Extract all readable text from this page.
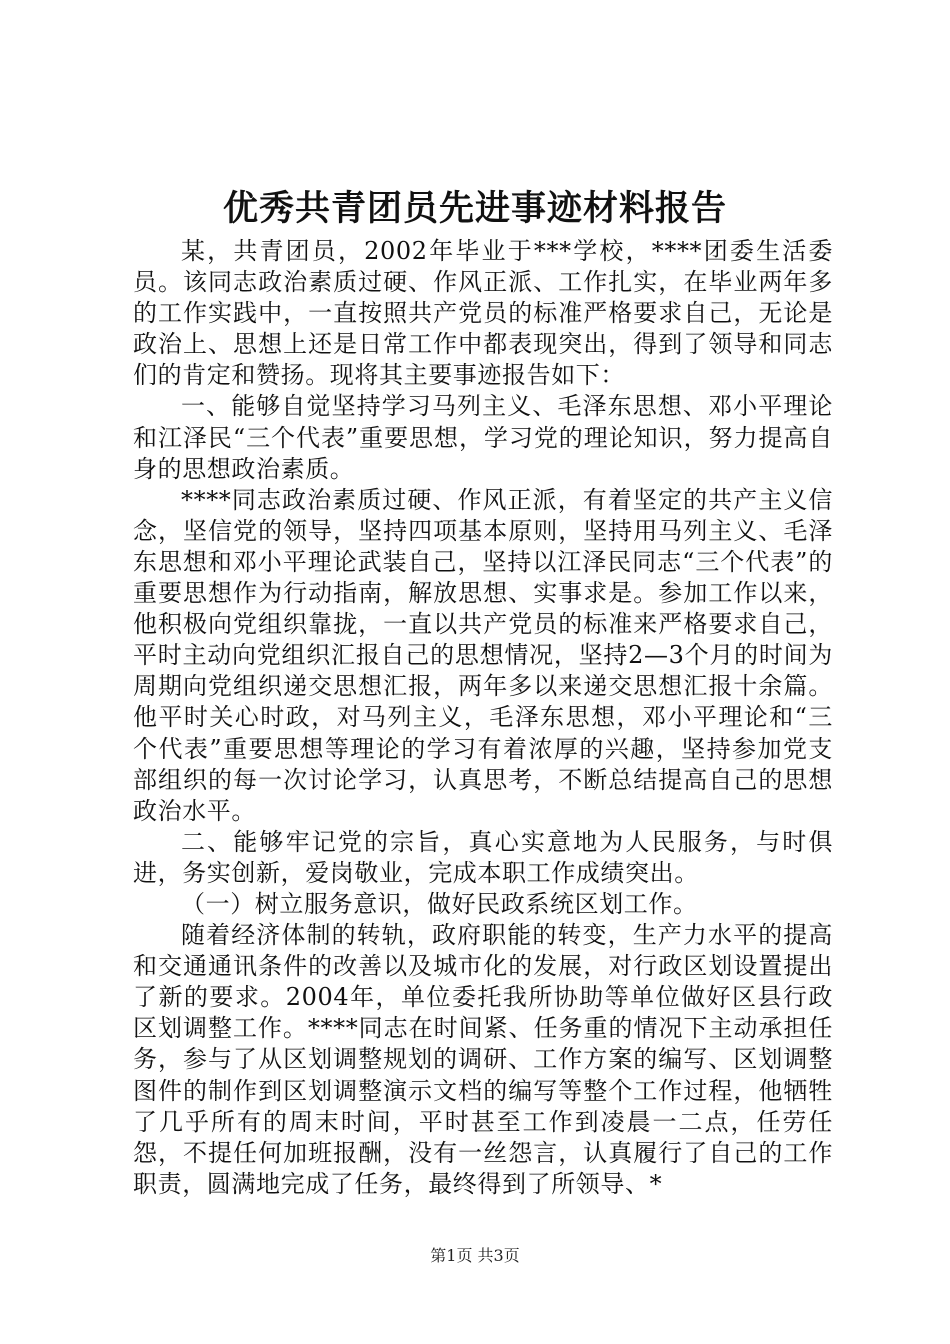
优秀共青团员先进事迹材料报告

某，共青团员，2002年毕业于***学校，****团委生活委员。该同志政治素质过硬、作风正派、工作扎实，在毕业两年多的工作实践中，一直按照共产党员的标准严格要求自己，无论是政治上、思想上还是日常工作中都表现突出，得到了领导和同志们的肯定和赞扬。现将其主要事迹报告如下：

一、能够自觉坚持学习马列主义、毛泽东思想、邓小平理论和江泽民“三个代表”重要思想，学习党的理论知识，努力提高自身的思想政治素质。

****同志政治素质过硬、作风正派，有着坚定的共产主义信念，坚信党的领导，坚持四项基本原则，坚持用马列主义、毛泽东思想和邓小平理论武装自己，坚持以江泽民同志“三个代表”的重要思想作为行动指南，解放思想、实事求是。参加工作以来，他积极向党组织靠拢，一直以共产党员的标准来严格要求自己，平时主动向党组织汇报自己的思想情况，坚持2—3个月的时间为周期向党组织递交思想汇报，两年多以来递交思想汇报十余篇。他平时关心时政，对马列主义，毛泽东思想，邓小平理论和“三个代表”重要思想等理论的学习有着浓厚的兴趣，坚持参加党支部组织的每一次讨论学习，认真思考，不断总结提高自己的思想政治水平。

二、能够牢记党的宗旨，真心实意地为人民服务，与时俱进，务实创新，爱岗敬业，完成本职工作成绩突出。

（一）树立服务意识，做好民政系统区划工作。

随着经济体制的转轨，政府职能的转变，生产力水平的提高和交通通讯条件的改善以及城市化的发展，对行政区划设置提出了新的要求。2004年，单位委托我所协助等单位做好区县行政区划调整工作。****同志在时间紧、任务重的情况下主动承担任务，参与了从区划调整规划的调研、工作方案的编写、区划调整图件的制作到区划调整演示文档的编写等整个工作过程，他牺牲了几乎所有的周末时间，平时甚至工作到凌晨一二点，任劳任怨，不提任何加班报酬，没有一丝怨言，认真履行了自己的工作职责，圆满地完成了任务，最终得到了所领导、*

第1页 共3页
